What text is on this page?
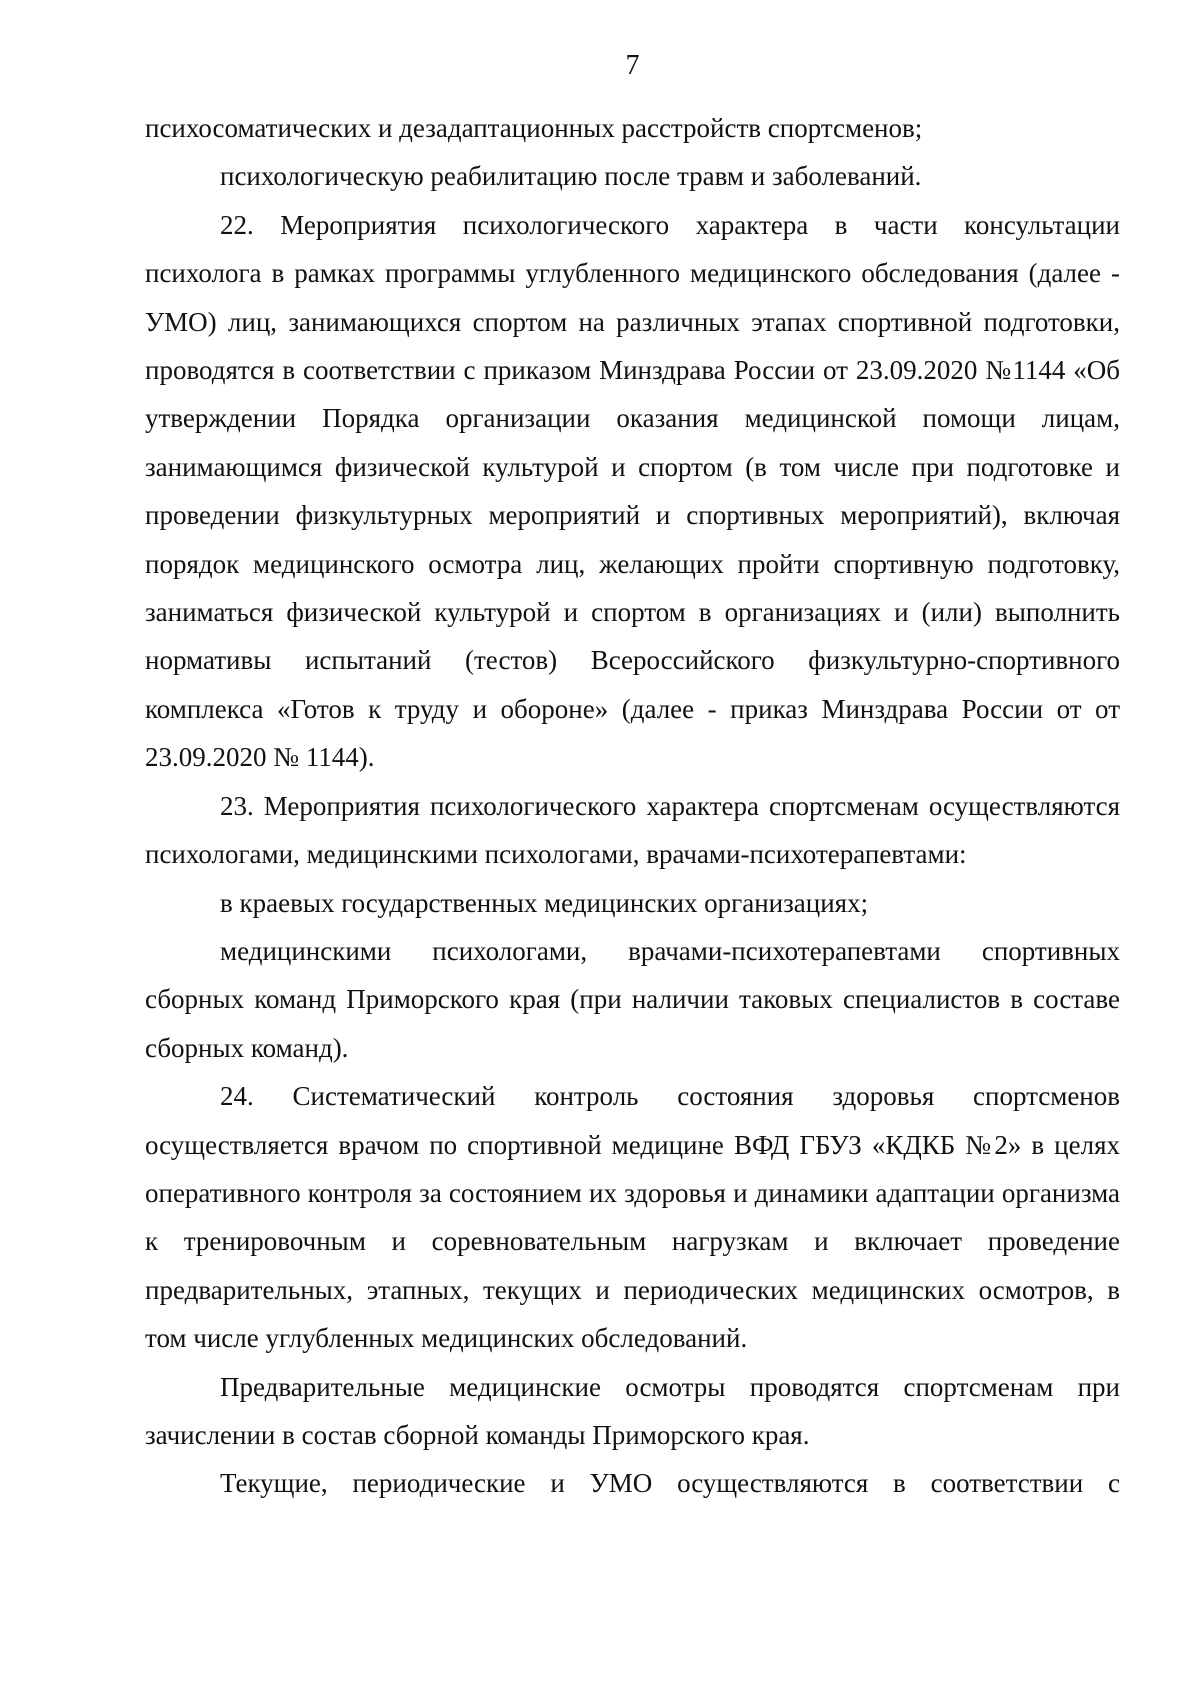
7

психосоматических и дезадаптационных расстройств спортсменов;

психологическую реабилитацию после травм и заболеваний.

22. Мероприятия психологического характера в части консультации психолога в рамках программы углубленного медицинского обследования (далее - УМО) лиц, занимающихся спортом на различных этапах спортивной подготовки, проводятся в соответствии с приказом Минздрава России от 23.09.2020 №1144 «Об утверждении Порядка организации оказания медицинской помощи лицам, занимающимся физической культурой и спортом (в том числе при подготовке и проведении физкультурных мероприятий и спортивных мероприятий), включая порядок медицинского осмотра лиц, желающих пройти спортивную подготовку, заниматься физической культурой и спортом в организациях и (или) выполнить нормативы испытаний (тестов) Всероссийского физкультурно-спортивного комплекса «Готов к труду и обороне» (далее - приказ Минздрава России от от 23.09.2020 № 1144).

23. Мероприятия психологического характера спортсменам осуществляются психологами, медицинскими психологами, врачами-психотерапевтами:

в краевых государственных медицинских организациях;

медицинскими психологами, врачами-психотерапевтами спортивных сборных команд Приморского края (при наличии таковых специалистов в составе сборных команд).

24. Систематический контроль состояния здоровья спортсменов осуществляется врачом по спортивной медицине ВФД ГБУЗ «КДКБ №2» в целях оперативного контроля за состоянием их здоровья и динамики адаптации организма к тренировочным и соревновательным нагрузкам и включает проведение предварительных, этапных, текущих и периодических медицинских осмотров, в том числе углубленных медицинских обследований.

Предварительные медицинские осмотры проводятся спортсменам при зачислении в состав сборной команды Приморского края.

Текущие, периодические и УМО осуществляются в соответствии с
